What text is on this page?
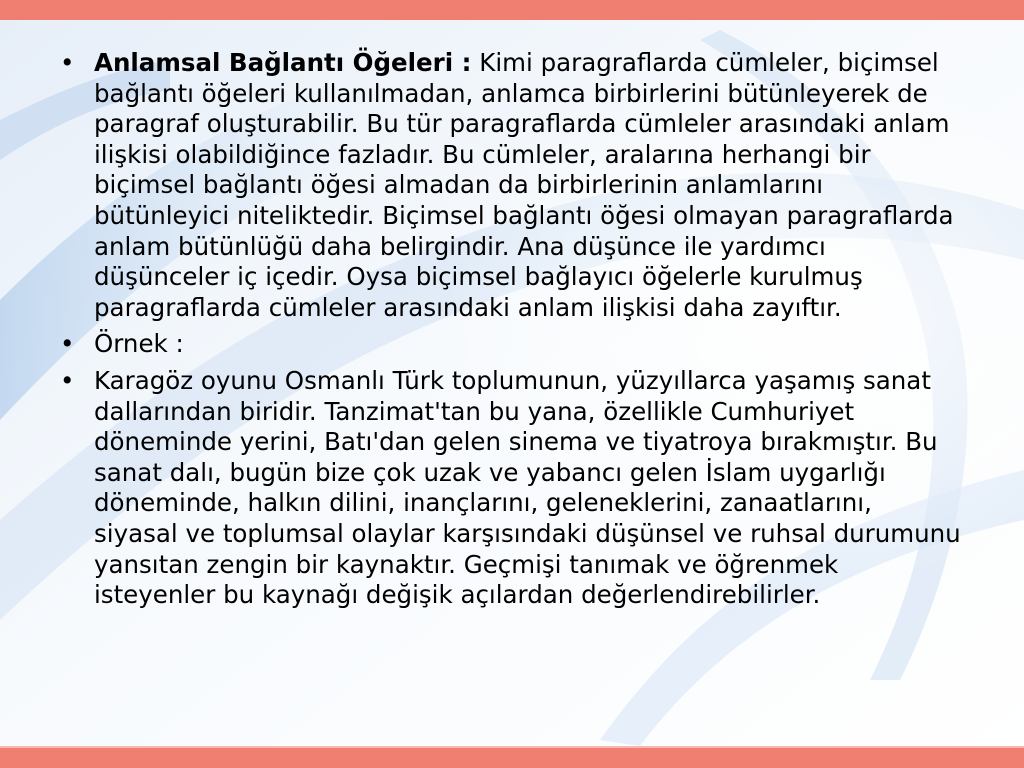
• Anlamsal Bağlantı Öğeleri : Kimi paragraflarda cümleler, biçimsel bağlantı öğeleri kullanılmadan, anlamca birbirlerini bütünleyerek de paragraf oluşturabilir. Bu tür paragraflarda cümleler arasındaki anlam ilişkisi olabildiğince fazladır. Bu cümleler, aralarına herhangi bir biçimsel bağlantı öğesi almadan da birbirlerinin anlamlarını bütünleyici niteliktedir. Biçimsel bağlantı öğesi olmayan paragraflarda anlam bütünlüğü daha belirgindir. Ana düşünce ile yardımcı düşünceler iç içedir. Oysa biçimsel bağlayıcı öğelerle kurulmuş paragraflarda cümleler arasındaki anlam ilişkisi daha zayıftır.
• Örnek :
• Karagöz oyunu Osmanlı Türk toplumunun, yüzyıllarca yaşamış sanat dallarından biridir. Tanzimat'tan bu yana, özellikle Cumhuriyet döneminde yerini, Batı'dan gelen sinema ve tiyatroya bırakmıştır. Bu sanat dalı, bugün bize çok uzak ve yabancı gelen İslam uygarlığı döneminde, halkın dilini, inançlarını, geleneklerini, zanaatlarını, siyasal ve toplumsal olaylar karşısındaki düşünsel ve ruhsal durumunu yansıtan zengin bir kaynaktır. Geçmişi tanımak ve öğrenmek isteyenler bu kaynağı değişik açılardan değerlendirebilirler.
